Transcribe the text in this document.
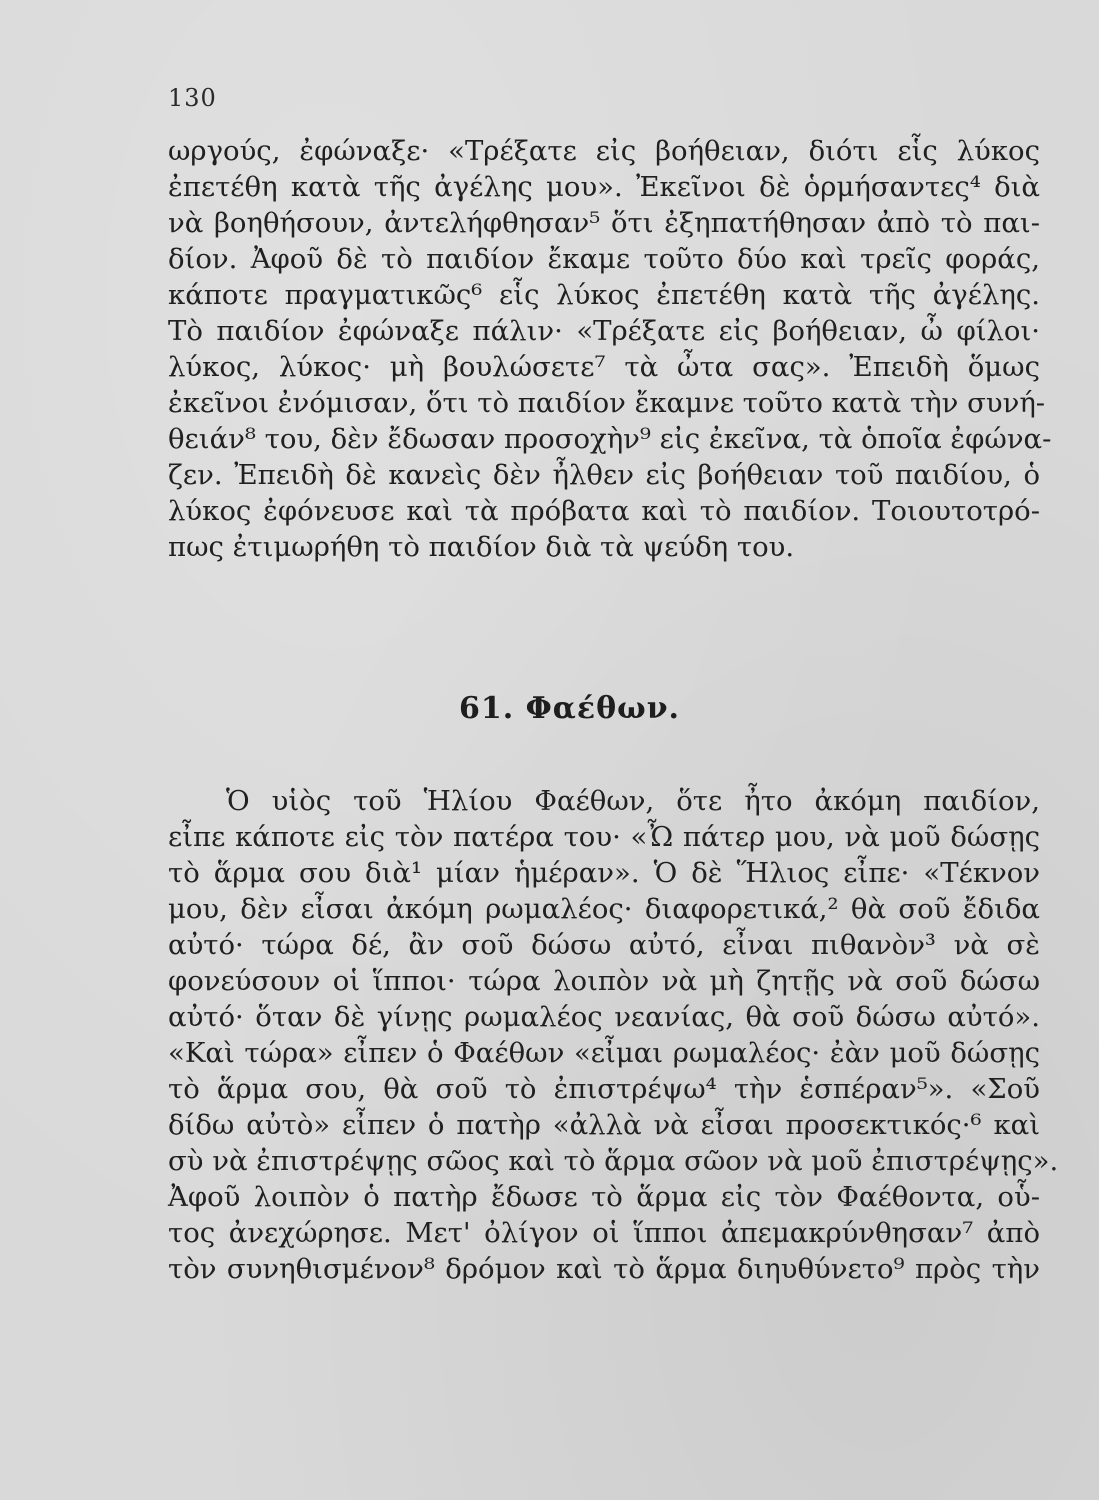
130
ωργούς, ἐφώναξε· «Τρέξατε εἰς βοήθειαν, διότι εἷς λύκος
ἐπετέθη κατὰ τῆς ἀγέλης μου». Ἐκεῖνοι δὲ ὁρμήσαντες⁴ διὰ
νὰ βοηθήσουν, ἀντελήφθησαν⁵ ὅτι ἐξηπατήθησαν ἀπὸ τὸ παι-
δίον. Ἀφοῦ δὲ τὸ παιδίον ἔκαμε τοῦτο δύο καὶ τρεῖς φοράς,
κάποτε πραγματικῶς⁶ εἷς λύκος ἐπετέθη κατὰ τῆς ἀγέλης.
Τὸ παιδίον ἐφώναξε πάλιν· «Τρέξατε εἰς βοήθειαν, ὦ φίλοι·
λύκος, λύκος· μὴ βουλώσετε⁷ τὰ ὦτα σας». Ἐπειδὴ ὅμως
ἐκεῖνοι ἐνόμισαν, ὅτι τὸ παιδίον ἔκαμνε τοῦτο κατὰ τὴν συνή-
θειάν⁸ του, δὲν ἔδωσαν προσοχὴν⁹ εἰς ἐκεῖνα, τὰ ὁποῖα ἐφώνα-
ζεν. Ἐπειδὴ δὲ κανεὶς δὲν ἦλθεν εἰς βοήθειαν τοῦ παιδίου, ὁ
λύκος ἐφόνευσε καὶ τὰ πρόβατα καὶ τὸ παιδίον. Τοιουτοτρό-
πως ἐτιμωρήθη τὸ παιδίον διὰ τὰ ψεύδη του.
61. Φαέθων.
Ὁ υἱὸς τοῦ Ἡλίου Φαέθων, ὅτε ἦτο ἀκόμη παιδίον,
εἶπε κάποτε εἰς τὸν πατέρα του· «Ὦ πάτερ μου, νὰ μοῦ δώσῃς
τὸ ἅρμα σου διὰ¹ μίαν ἡμέραν». Ὁ δὲ Ἥλιος εἶπε· «Τέκνον
μου, δὲν εἶσαι ἀκόμη ρωμαλέος· διαφορετικά,² θὰ σοῦ ἔδιδα
αὐτό· τώρα δέ, ἂν σοῦ δώσω αὐτό, εἶναι πιθανὸν³ νὰ σὲ
φονεύσουν οἱ ἵπποι· τώρα λοιπὸν νὰ μὴ ζητῇς νὰ σοῦ δώσω
αὐτό· ὅταν δὲ γίνῃς ρωμαλέος νεανίας, θὰ σοῦ δώσω αὐτό».
«Καὶ τώρα» εἶπεν ὁ Φαέθων «εἶμαι ρωμαλέος· ἐὰν μοῦ δώσῃς
τὸ ἅρμα σου, θὰ σοῦ τὸ ἐπιστρέψω⁴ τὴν ἑσπέραν⁵». «Σοῦ
δίδω αὐτὸ» εἶπεν ὁ πατὴρ «ἀλλὰ νὰ εἶσαι προσεκτικός·⁶ καὶ
σὺ νὰ ἐπιστρέψῃς σῶος καὶ τὸ ἅρμα σῶον νὰ μοῦ ἐπιστρέψῃς».
Ἀφοῦ λοιπὸν ὁ πατὴρ ἔδωσε τὸ ἅρμα εἰς τὸν Φαέθοντα, οὗ-
τος ἀνεχώρησε. Μετ' ὀλίγον οἱ ἵπποι ἀπεμακρύνθησαν⁷ ἀπὸ
τὸν συνηθισμένον⁸ δρόμον καὶ τὸ ἅρμα διηυθύνετο⁹ πρὸς τὴν
